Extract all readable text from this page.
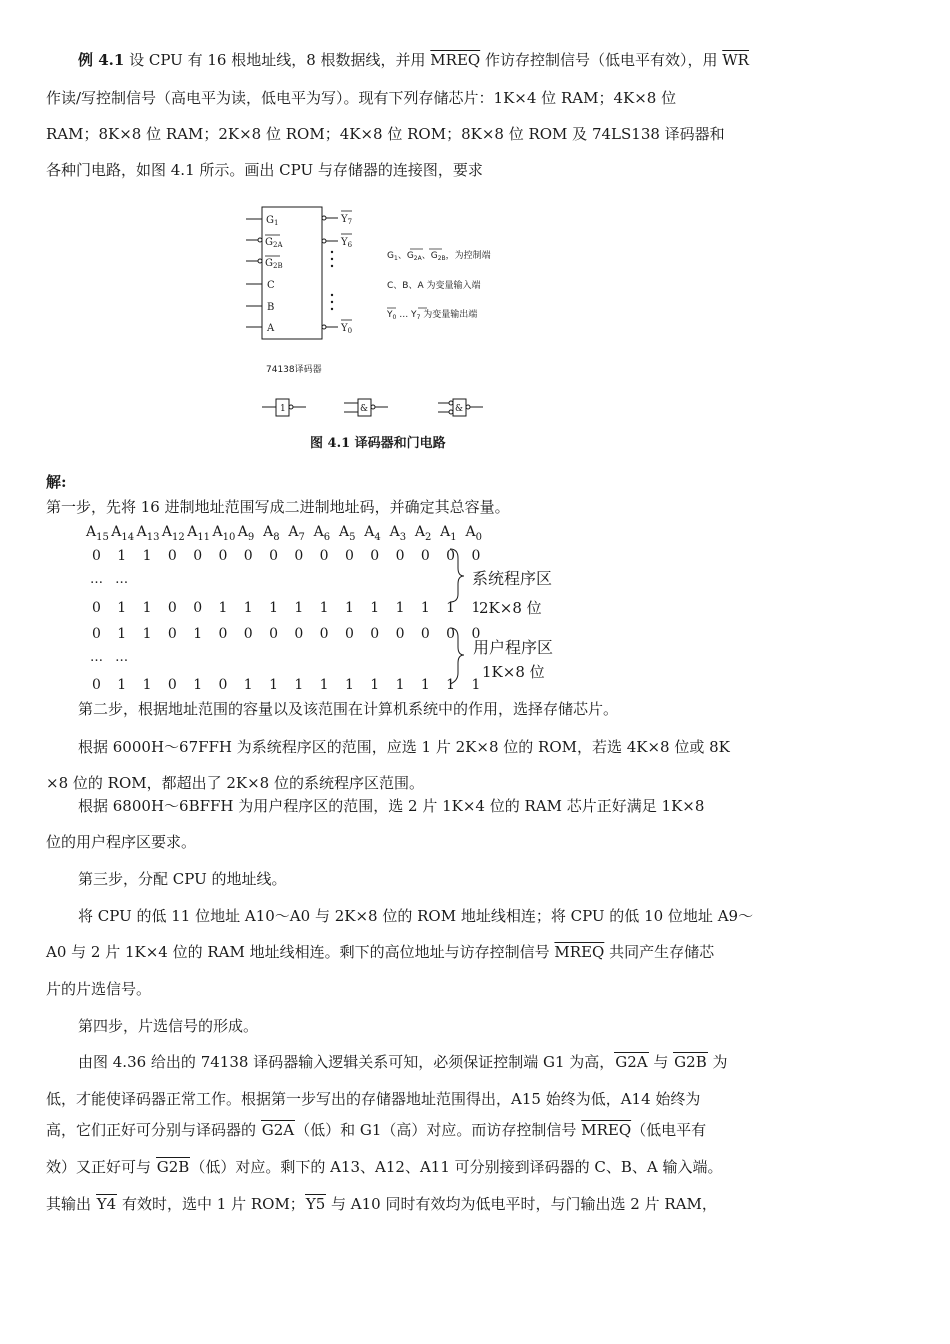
例 4.1 设 CPU 有 16 根地址线，8 根数据线，并用 MREQ 作访存控制信号（低电平有效），用 $\overline{WR}$
作读/写控制信号（高电平为读，低电平为写）。现有下列存储芯片：1K×4 位 RAM；4K×8 位
RAM；8K×8 位 RAM；2K×8 位 ROM；4K×8 位 ROM；8K×8 位 ROM 及 74LS138 译码器和
各种门电路，如图 4.1 所示。画出 CPU 与存储器的连接图，要求
$G_1$
$G_{2A}$
$G_{2B}$
C
B
A
$Y_7$
$Y_6$
$Y_0$
$G_1$、$G_{2A}$、$G_{2B}$，为控制端
C、B、A 为变量输入端
$Y_0$ … $Y_7$ 为变量输出端
74138译码器
1	&	&
图 4.1 译码器和门电路
解:
第一步，先将 16 进制地址范围写成二进制地址码，并确定其总容量。
$A_{15}$ $A_{14}$ $A_{13}$ $A_{12}$ $A_{11}$ $A_{10}$ $A_9$ $A_8$ $A_7$ $A_6$ $A_5$ $A_4$ $A_3$ $A_2$ $A_1$ $A_0$
0 1 1 0 0 0 0 0 0 0 0 0 0 0 0 0
… …
0 1 1 0 0 1 1 1 1 1 1 1 1 1 1 1
0 1 1 0 1 0 0 0 0 0 0 0 0 0 0 0
… …
0 1 1 0 1 0 1 1 1 1 1 1 1 1 1 1
系统程序区
2K×8 位
用户程序区
1K×8 位
第二步，根据地址范围的容量以及该范围在计算机系统中的作用，选择存储芯片。
根据 6000H～67FFH 为系统程序区的范围，应选 1 片 2K×8 位的 ROM，若选 4K×8 位或 8K
×8 位的 ROM，都超出了 2K×8 位的系统程序区范围。
根据 6800H～6BFFH 为用户程序区的范围，选 2 片 1K×4 位的 RAM 芯片正好满足 1K×8
位的用户程序区要求。
第三步，分配 CPU 的地址线。
将 CPU 的低 11 位地址 A10～A0 与 2K×8 位的 ROM 地址线相连；将 CPU 的低 10 位地址 A9～
A0 与 2 片 1K×4 位的 RAM 地址线相连。剩下的高位地址与访存控制信号 MREQ 共同产生存储芯
片的片选信号。
第四步，片选信号的形成。
由图 4.36 给出的 74138 译码器输入逻辑关系可知，必须保证控制端 G1 为高，G2A 与 G2B 为
低，才能使译码器正常工作。根据第一步写出的存储器地址范围得出，A15 始终为低，A14 始终为
高，它们正好可分别与译码器的 G2A（低）和 G1（高）对应。而访存控制信号 MREQ（低电平有
效）又正好可与 G2B（低）对应。剩下的 A13、A12、A11 可分别接到译码器的 C、B、A 输入端。
其输出 Y4 有效时，选中 1 片 ROM；Y5 与 A10 同时有效均为低电平时，与门输出选 2 片 RAM，
